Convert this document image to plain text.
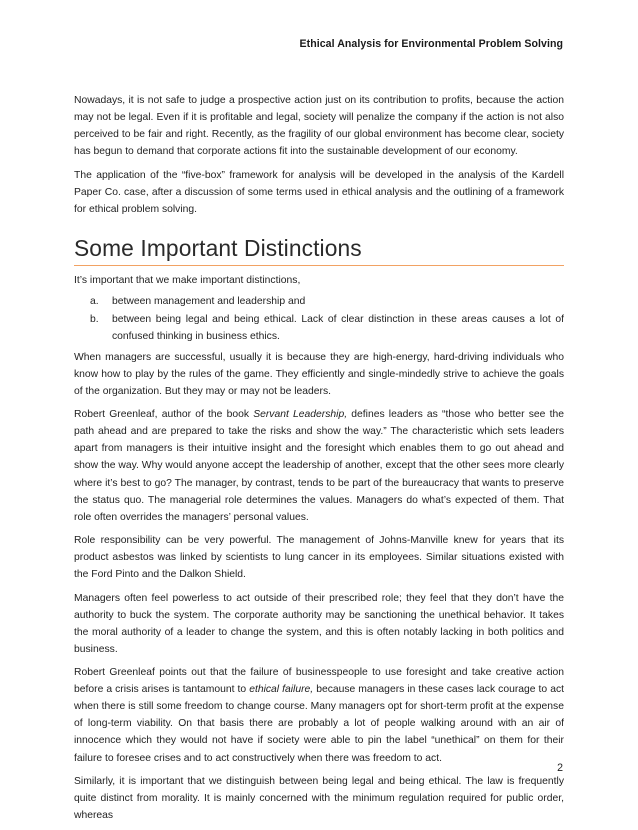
Ethical Analysis for Environmental Problem Solving

Nowadays, it is not safe to judge a prospective action just on its contribution to profits, because the action may not be legal. Even if it is profitable and legal, society will penalize the company if the action is not also perceived to be fair and right. Recently, as the fragility of our global environment has become clear, society has begun to demand that corporate actions fit into the sustainable development of our economy.

The application of the “five-box” framework for analysis will be developed in the analysis of the Kardell Paper Co. case, after a discussion of some terms used in ethical analysis and the outlining of a framework for ethical problem solving.

Some Important Distinctions

It’s important that we make important distinctions,

a. between management and leadership and
b. between being legal and being ethical. Lack of clear distinction in these areas causes a lot of confused thinking in business ethics.

When managers are successful, usually it is because they are high-energy, hard-driving individuals who know how to play by the rules of the game. They efficiently and single-mindedly strive to achieve the goals of the organization. But they may or may not be leaders.

Robert Greenleaf, author of the book Servant Leadership, defines leaders as “those who better see the path ahead and are prepared to take the risks and show the way.” The characteristic which sets leaders apart from managers is their intuitive insight and the foresight which enables them to go out ahead and show the way. Why would anyone accept the leadership of another, except that the other sees more clearly where it’s best to go? The manager, by contrast, tends to be part of the bureaucracy that wants to preserve the status quo. The managerial role determines the values. Managers do what’s expected of them. That role often overrides the managers’ personal values.

Role responsibility can be very powerful. The management of Johns-Manville knew for years that its product asbestos was linked by scientists to lung cancer in its employees. Similar situations existed with the Ford Pinto and the Dalkon Shield.

Managers often feel powerless to act outside of their prescribed role; they feel that they don’t have the authority to buck the system. The corporate authority may be sanctioning the unethical behavior. It takes the moral authority of a leader to change the system, and this is often notably lacking in both politics and business.

Robert Greenleaf points out that the failure of businesspeople to use foresight and take creative action before a crisis arises is tantamount to ethical failure, because managers in these cases lack courage to act when there is still some freedom to change course. Many managers opt for short-term profit at the expense of long-term viability. On that basis there are probably a lot of people walking around with an air of innocence which they would not have if society were able to pin the label “unethical” on them for their failure to foresee crises and to act constructively when there was freedom to act.

Similarly, it is important that we distinguish between being legal and being ethical. The law is frequently quite distinct from morality. It is mainly concerned with the minimum regulation required for public order, whereas

2
